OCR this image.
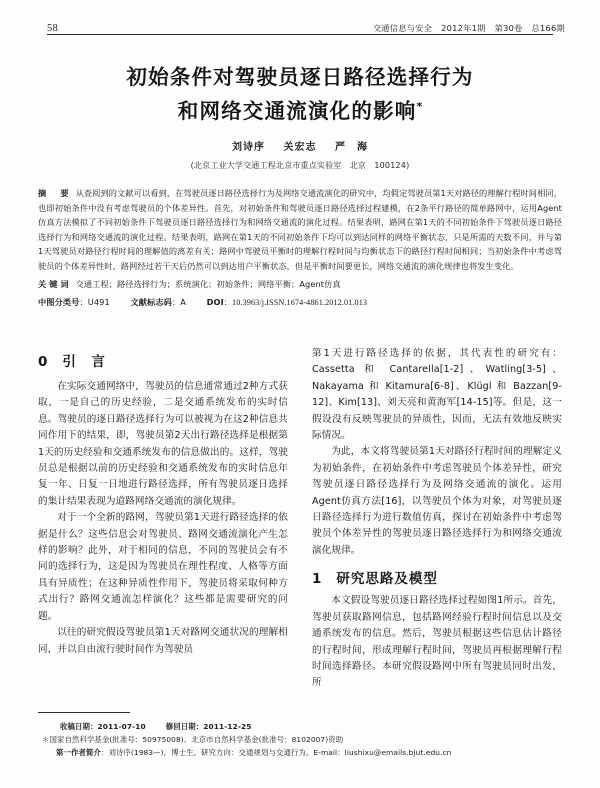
58	交通信息与安全 2012年1期 第30卷 总166期
初始条件对驾驶员逐日路径选择行为
和网络交通流演化的影响*
刘诗序 关宏志 严　海
(北京工业大学交通工程北京市重点实验室　北京　100124)
摘　要 从查阅到的文献可以看到，在驾驶员逐日路径选择行为及网络交通流演化的研究中，均假定驾驶员第1天对路径的理解行程时间相同，也即初始条件中没有考虑驾驶员的个体差异性。首先，对初始条件和驾驶员逐日路径选择过程建模，在2条平行路径的简单路网中，运用Agent仿真方法模拟了不同初始条件下驾驶员逐日路径选择行为和网络交通流的演化过程。结果表明，路网在第1天的不同初始条件下驾驶员逐日路径选择行为和网络交通流的演化过程。结果表明，路网在第1天的不同初始条件下均可以到达同样的网络平衡状态，只是所需的天数不同，并与第1天驾驶员对路径行程时间的理解值的离差有关；路网中驾驶员平衡时的理解行程时间与均衡状态下的路径行程时间相同；当初始条件中考虑驾驶员的个体差异性时，路网经过若干天后仍然可以到达用户平衡状态，但是平衡时间要更长，网络交通流的演化规律也将发生变化。
关键词 交通工程；路径选择行为；系统演化；初始条件；网络平衡；Agent仿真
中图分类号：U491	文献标志码：A	DOI：10.3963/j.ISSN.1674-4861.2012.01.013
0 引　言

在实际交通网络中，驾驶员的信息通常通过2种方式获取，一是自己的历史经验，二是交通系统发布的实时信息。驾驶员的逐日路径选择行为可以被视为在这2种信息共同作用下的结果，即，驾驶员第2天出行路径选择是根据第1天的历史经验和交通系统发布的信息做出的。这样，驾驶员总是根据以前的历史经验和交通系统发布的实时信息年复一年、日复一日地进行路径选择，所有驾驶员逐日选择的集计结果表现为道路网络交通流的演化规律。

对于一个全新的路网，驾驶员第1天进行路径选择的依据是什么？这些信息会对驾驶员、路网交通流演化产生怎样的影响？此外，对于相同的信息，不同的驾驶员会有不同的选择行为，这是因为驾驶员在理性程度、人格等方面具有异质性；在这种异质性作用下，驾驶员将采取何种方式出行？路网交通流怎样演化？这些都是需要研究的问题。

以往的研究假设驾驶员第1天对路网交通状况的理解相同，并以自由流行驶时间作为驾驶员

第1天进行路径选择的依据，其代表性的研究有：Cassetta 和 Cantarella[1-2]、Watling[3-5]、Nakayama 和 Kitamura[6-8]、Klügl 和 Bazzan[9-12]、Kim[13]、刘天亮和黄海军[14-15]等。但是，这一假设没有反映驾驶员的异质性，因而，无法有效地反映实际情况。

为此，本文将驾驶员第1天对路径行程时间的理解定义为初始条件，在初始条件中考虑驾驶员个体差异性，研究驾驶员逐日路径选择行为及网络交通流的演化。运用Agent仿真方法[16]，以驾驶员个体为对象，对驾驶员逐日路径选择行为进行数值仿真，探讨在初始条件中考虑驾驶员个体差异性的驾驶员逐日路径选择行为和网络交通流演化规律。

1 研究思路及模型

本文假设驾驶员逐日路径选择过程如图1所示。首先，驾驶员获取路网信息，包括路网经验行程时间信息以及交通系统发布的信息。然后，驾驶员根据这些信息估计路径的行程时间，形成理解行程时间，驾驶员再根据理解行程时间选择路径。本研究假设路网中所有驾驶员同时出发，所

收稿日期：2011-07-10	修回日期：2011-12-25
＊国家自然科学基金(批准号：50975008)、北京市自然科学基金(批准号：8102007)资助
第一作者简介：刘诗序(1983—)，博士生。研究方向：交通规划与交通行为。E-mail：liushixu@emails.bjut.edu.cn
